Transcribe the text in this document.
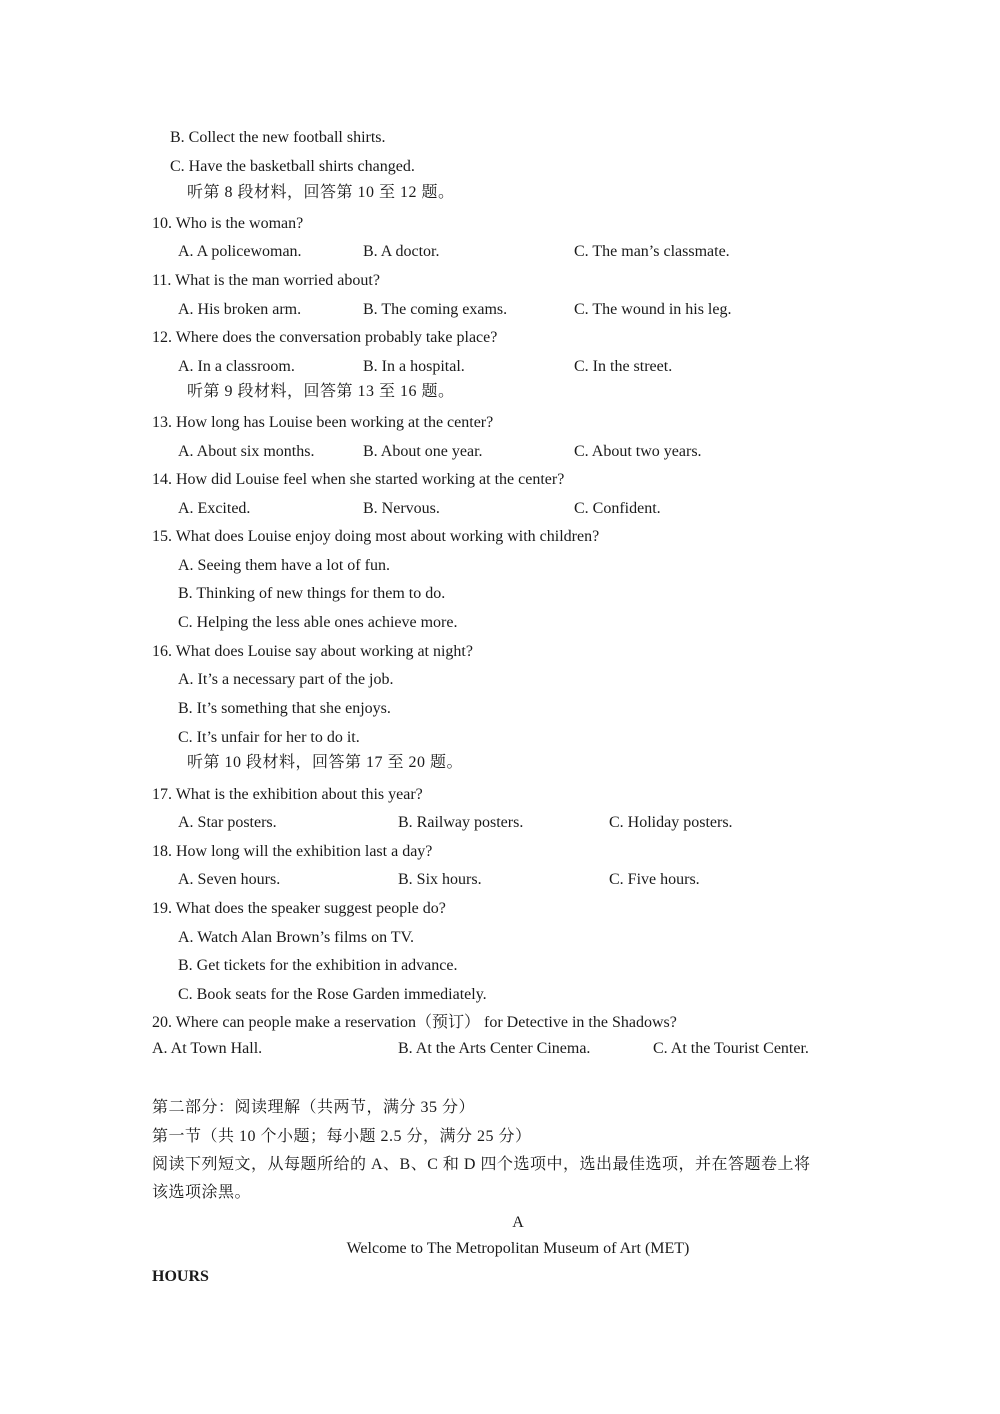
B. Collect the new football shirts.
C. Have the basketball shirts changed.
听第 8 段材料，回答第 10 至 12 题。
10. Who is the woman?
A. A policewoman.	B. A doctor.	C. The man’s classmate.
11. What is the man worried about?
A. His broken arm.	B. The coming exams.	C. The wound in his leg.
12. Where does the conversation probably take place?
A. In a classroom.	B. In a hospital.	C. In the street.
听第 9 段材料，回答第 13 至 16 题。
13. How long has Louise been working at the center?
A. About six months.	B. About one year.	C. About two years.
14. How did Louise feel when she started working at the center?
A. Excited.	B. Nervous.	C. Confident.
15. What does Louise enjoy doing most about working with children?
A. Seeing them have a lot of fun.
B. Thinking of new things for them to do.
C. Helping the less able ones achieve more.
16. What does Louise say about working at night?
A. It’s a necessary part of the job.
B. It’s something that she enjoys.
C. It’s unfair for her to do it.
听第 10 段材料，回答第 17 至 20 题。
17. What is the exhibition about this year?
A. Star posters.	B. Railway posters.	C. Holiday posters.
18. How long will the exhibition last a day?
A. Seven hours.	B. Six hours.	C. Five hours.
19. What does the speaker suggest people do?
A. Watch Alan Brown’s films on TV.
B. Get tickets for the exhibition in advance.
C. Book seats for the Rose Garden immediately.
20. Where can people make a reservation（预订） for Detective in the Shadows?
A. At Town Hall.	B. At the Arts Center Cinema.	C. At the Tourist Center.
第二部分：阅读理解（共两节，满分 35 分）
第一节（共 10 个小题；每小题 2.5 分，满分 25 分）
阅读下列短文，从每题所给的 A、B、C 和 D 四个选项中，选出最佳选项，并在答题卷上将
该选项涂黑。
A
Welcome to The Metropolitan Museum of Art (MET)
HOURS
